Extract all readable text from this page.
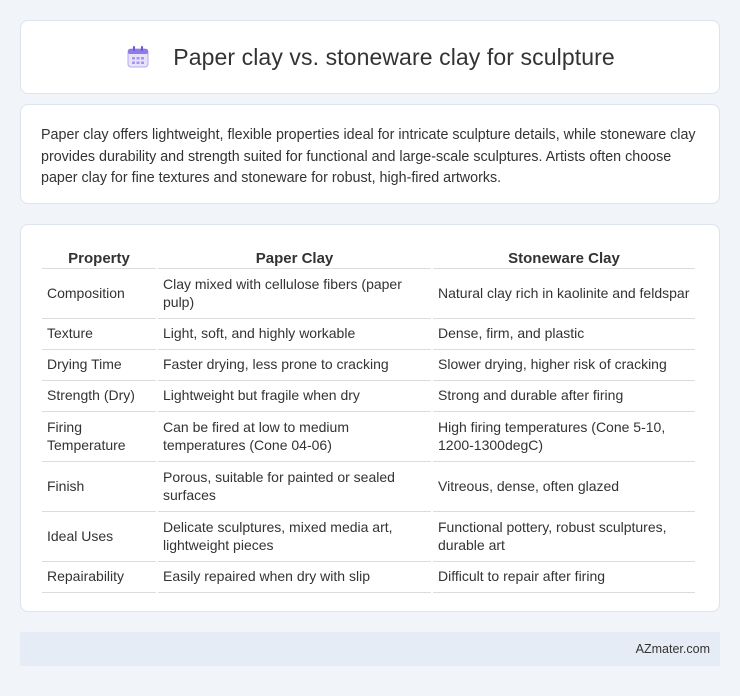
Paper clay vs. stoneware clay for sculpture

Paper clay offers lightweight, flexible properties ideal for intricate sculpture details, while stoneware clay provides durability and strength suited for functional and large-scale sculptures. Artists often choose paper clay for fine textures and stoneware for robust, high-fired artworks.

Property	Paper Clay	Stoneware Clay
Composition	Clay mixed with cellulose fibers (paper pulp)	Natural clay rich in kaolinite and feldspar
Texture	Light, soft, and highly workable	Dense, firm, and plastic
Drying Time	Faster drying, less prone to cracking	Slower drying, higher risk of cracking
Strength (Dry)	Lightweight but fragile when dry	Strong and durable after firing
Firing Temperature	Can be fired at low to medium temperatures (Cone 04-06)	High firing temperatures (Cone 5-10, 1200-1300degC)
Finish	Porous, suitable for painted or sealed surfaces	Vitreous, dense, often glazed
Ideal Uses	Delicate sculptures, mixed media art, lightweight pieces	Functional pottery, robust sculptures, durable art
Repairability	Easily repaired when dry with slip	Difficult to repair after firing
AZmater.com
